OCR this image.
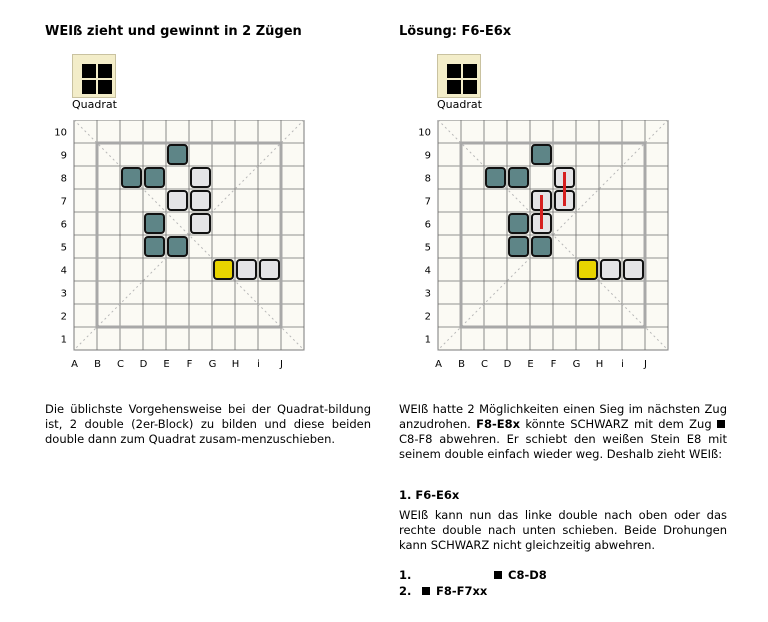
WEIß zieht und gewinnt in 2 Zügen
Quadrat
10
9
8
7
6
5
4
3
2
1
A B C D E F G H i J
Die üblichste Vorgehensweise bei der Quadrat-bildung ist, 2 double (2er-Block) zu bilden und diese beiden double dann zum Quadrat zusam-menzuschieben.
Lösung: F6-E6x
Quadrat
10
9
8
7
6
5
4
3
2
1
A B C D E F G H i J
WEIß hatte 2 Möglichkeiten einen Sieg im nächsten Zug anzudrohen. F8-E8x könnte SCHWARZ mit dem Zug C8-F8 abwehren. Er schiebt den weißen Stein E8 mit seinem double einfach wieder weg. Deshalb zieht WEIß:
1. F6-E6x
WEIß kann nun das linke double nach oben oder das rechte double nach unten schieben. Beide Drohungen kann SCHWARZ nicht gleichzeitig abwehren.
1.	C8-D8
2.	F8-F7xx
